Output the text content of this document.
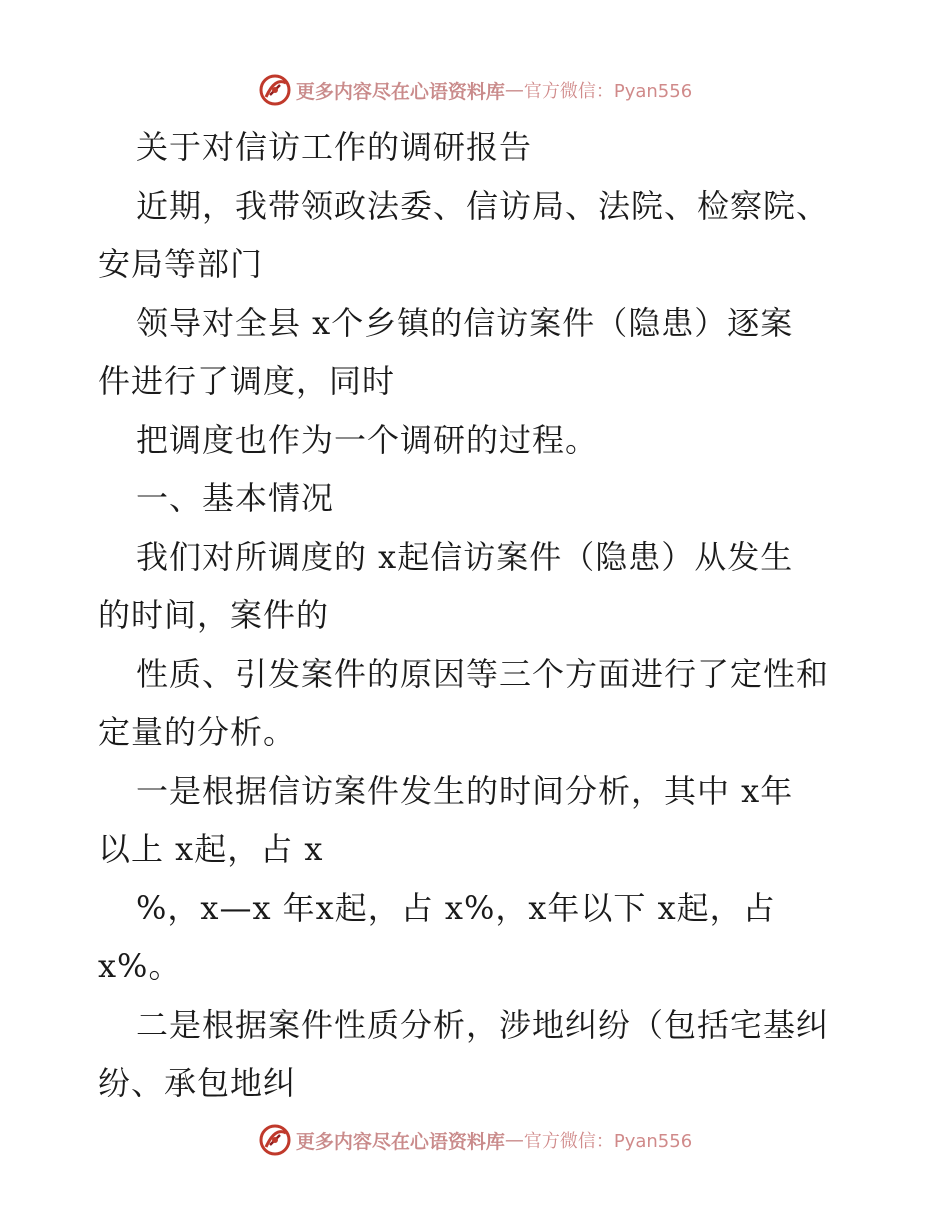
更多内容尽在心语资料库 — 官方微信：Pyan556
关于对信访工作的调研报告
近期，我带领政法委、信访局、法院、检察院、
安局等部门
领导对全县 x个乡镇的信访案件（隐患）逐案
件进行了调度，同时
把调度也作为一个调研的过程。
一、基本情况
我们对所调度的 x起信访案件（隐患）从发生
的时间，案件的
性质、引发案件的原因等三个方面进行了定性和
定量的分析。
一是根据信访案件发生的时间分析，其中 x年
以上 x起，占 x
%，x—x 年x起，占 x%，x年以下 x起，占
x%。
二是根据案件性质分析，涉地纠纷（包括宅基纠
纷、承包地纠
更多内容尽在心语资料库 — 官方微信：Pyan556
